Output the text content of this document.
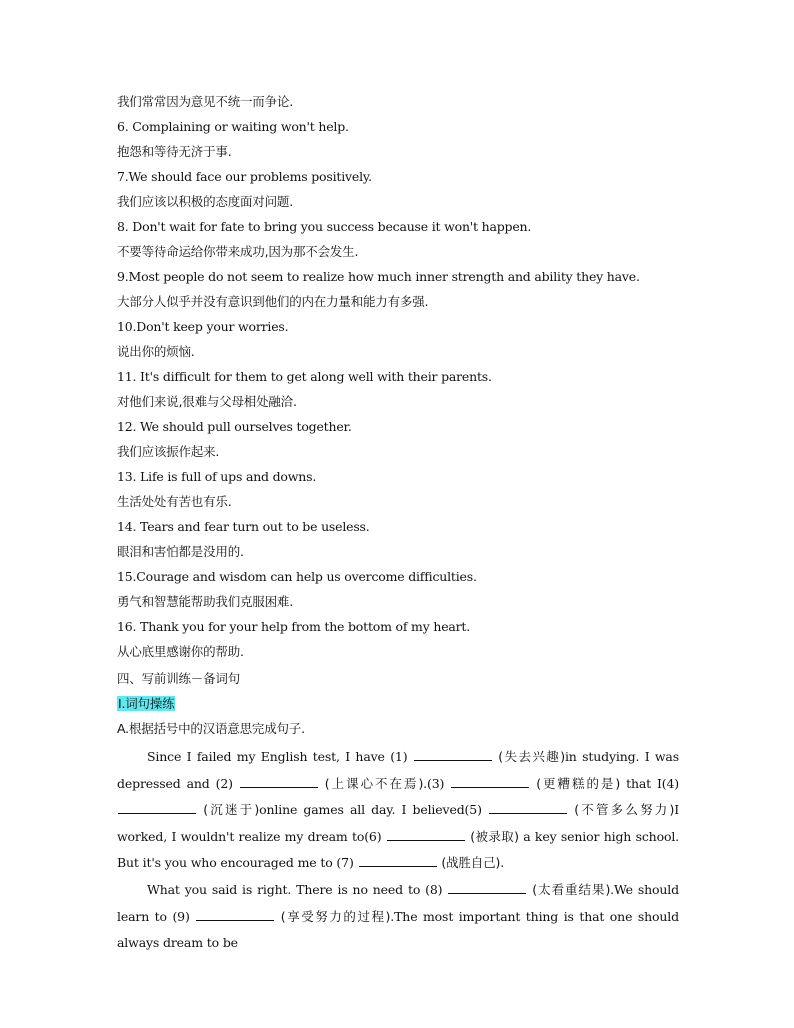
我们常常因为意见不统一而争论.
6. Complaining or waiting won't help.
抱怨和等待无济于事.
7.We should face our problems positively.
我们应该以积极的态度面对问题.
8. Don't wait for fate to bring you success because it won't happen.
不要等待命运给你带来成功,因为那不会发生.
9.Most people do not seem to realize how much inner strength and ability they have.
大部分人似乎并没有意识到他们的内在力量和能力有多强.
10.Don't keep your worries.
说出你的烦恼.
11. It's difficult for them to get along well with their parents.
对他们来说,很难与父母相处融洽.
12. We should pull ourselves together.
我们应该振作起来.
13. Life is full of ups and downs.
生活处处有苦也有乐.
14. Tears and fear turn out to be useless.
眼泪和害怕都是没用的.
15.Courage and wisdom can help us overcome difficulties.
勇气和智慧能帮助我们克服困难.
16. Thank you for your help from the bottom of my heart.
从心底里感谢你的帮助.
四、写前训练－备词句
I.词句操练
A.根据括号中的汉语意思完成句子.
Since I failed my English test, I have (1)	(失去兴趣)in studying. I was depressed and (2)	(上课心不在焉).(3)	(更糟糕的是) that I(4)  (沉迷于)online games all day. I believed(5)	(不管多么努力)I worked, I wouldn't realize my dream to(6)	(被录取) a key senior high school. But it's you who encouraged me to (7)	(战胜自己).
What you said is right. There is no need to (8)	(太看重结果).We should learn to (9)	(享受努力的过程).The most important thing is that one should always dream to be
